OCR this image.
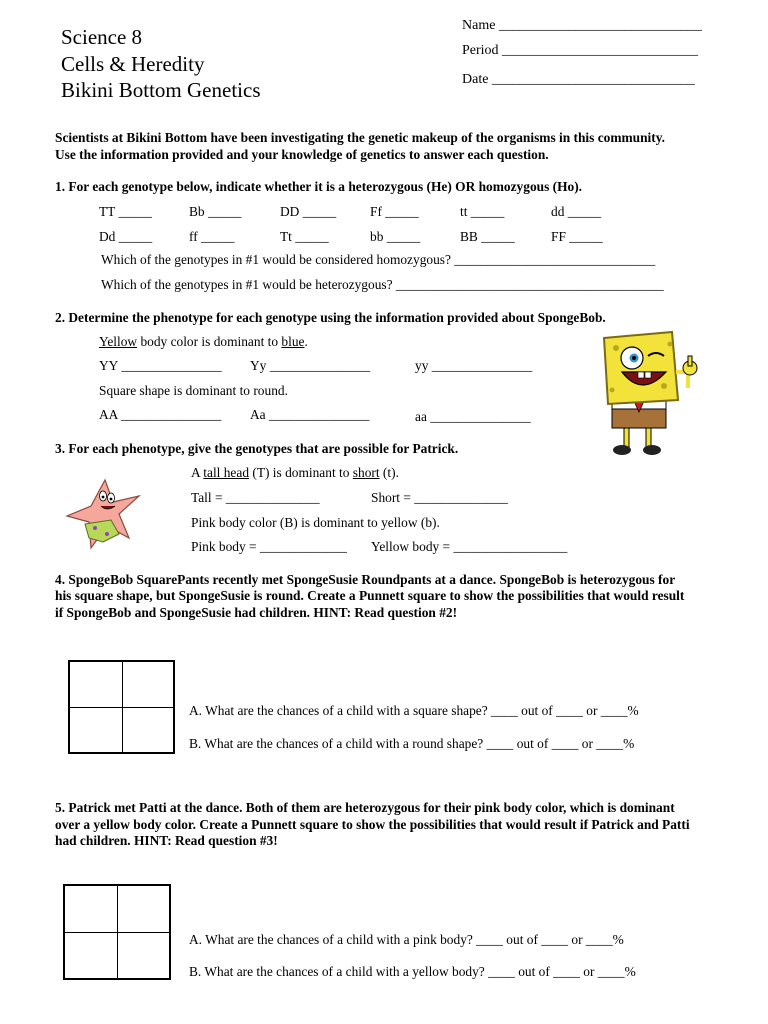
Science 8
Cells & Heredity
Bikini Bottom Genetics
Name _____________________________
Period ____________________________
Date _____________________________
Scientists at Bikini Bottom have been investigating the genetic makeup of the organisms in this community.
Use the information provided and your knowledge of genetics to answer each question.
1. For each genotype below, indicate whether it is a heterozygous (He) OR homozygous (Ho).
TT _____	Bb _____	DD _____	Ff _____	tt _____	dd _____
Dd _____	ff _____	Tt _____	bb _____	BB _____	FF _____
Which of the genotypes in #1 would be considered homozygous? ______________________________
Which of the genotypes in #1 would be heterozygous? ________________________________________
2. Determine the phenotype for each genotype using the information provided about SpongeBob.
Yellow body color is dominant to blue.
YY _______________ Yy _______________	yy _______________
Square shape is dominant to round.
AA _______________ Aa _______________	aa _______________
3. For each phenotype, give the genotypes that are possible for Patrick.
A tall head (T) is dominant to short (t).
Tall = ______________	Short = ______________
Pink body color (B) is dominant to yellow (b).
Pink body = _____________ Yellow body = _________________
4. SpongeBob SquarePants recently met SpongeSusie Roundpants at a dance. SpongeBob is heterozygous for
his square shape, but SpongeSusie is round. Create a Punnett square to show the possibilities that would result
if SpongeBob and SpongeSusie had children. HINT: Read question #2!
A. What are the chances of a child with a square shape? ____ out of ____ or ____%
B. What are the chances of a child with a round shape? ____ out of ____ or ____%
5. Patrick met Patti at the dance. Both of them are heterozygous for their pink body color, which is dominant
over a yellow body color. Create a Punnett square to show the possibilities that would result if Patrick and Patti
had children. HINT: Read question #3!
A. What are the chances of a child with a pink body? ____ out of ____ or ____%
B. What are the chances of a child with a yellow body? ____ out of ____ or ____%
